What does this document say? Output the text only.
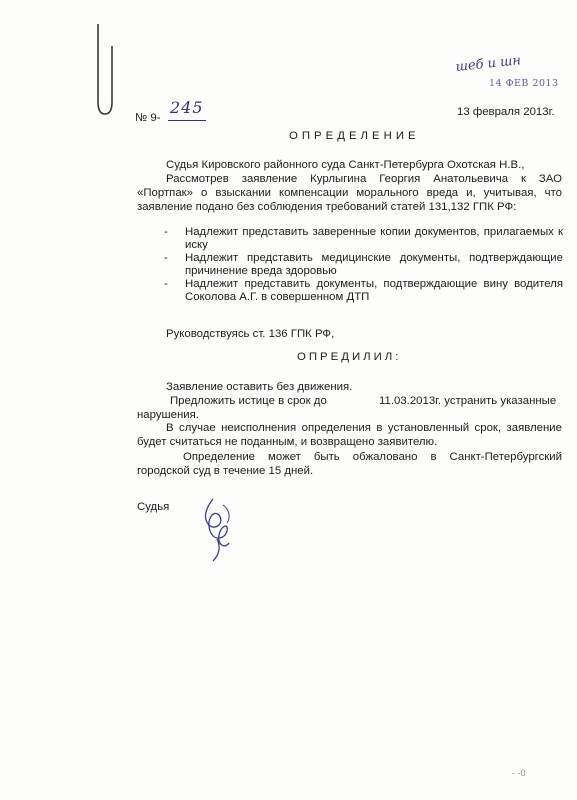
шеб и шн
14 ФЕВ 2013
№ 9-
245	13 февраля 2013г.
ОПРЕДЕЛЕНИЕ
Судья Кировского районного суда Санкт-Петербурга Охотская Н.В.,
Рассмотрев заявление Курлыгина Георгия Анатольевича к ЗАО
«Портпак» о взыскании компенсации морального вреда и, учитывая, что
заявление подано без соблюдения требований статей 131,132 ГПК РФ:
- Надлежит представить заверенные копии документов, прилагаемых к
иску
- Надлежит представить медицинские документы, подтверждающие
причинение вреда здоровью
- Надлежит представить документы, подтверждающие вину водителя
Соколова А.Г. в совершенном ДТП
Руководствуясь ст. 136 ГПК РФ,
ОПРЕДИЛИЛ:
Заявление оставить без движения.
Предложить истице в срок до	11.03.2013г. устранить указанные
нарушения.
В случае неисполнения определения в установленный срок, заявление
будет считаться не поданным, и возвращено заявителю.
Определение может быть обжаловано в Санкт-Петербургский
городской суд в течение 15 дней.
Судья
- -0
